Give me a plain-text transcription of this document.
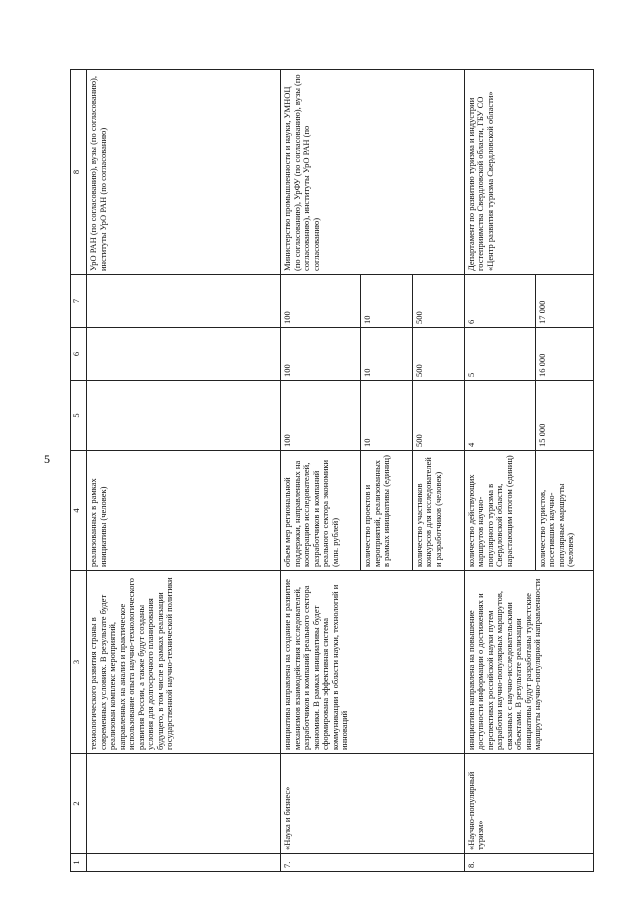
5
1	2	3	4	5	6	7	8
		технологического развития страны в современных условиях. В результате будет реализован комплекс мероприятий, направленных на анализ и практическое использование опыта научно-технологического развития России, а также будут созданы условия для долгосрочного планирования будущего, в том числе в рамках реализации государственной научно-технической политики	реализованных в рамках инициативы (человек)				УрО РАН (по согласованию), вузы (по согласованию), институты УрО РАН (по согласованию)
7.	«Наука и бизнес»	инициатива направлена на создание и развитие механизмов взаимодействия исследователей, разработчиков и компаний реального сектора экономики. В рамках инициативы будет сформирована эффективная система коммуникации в области науки, технологий и инноваций	объем мер региональной поддержки, направленных на кооперацию исследователей, разработчиков и компаний реального сектора экономики (млн. рублей)	100	100	100	Министерство промышленности и науки, УМНОЦ (по согласованию), УрФУ (по согласованию), вузы (по согласованию), институты УрО РАН (по согласованию)
			количество проектов и мероприятий, реализованных в рамках инициативы (единиц)	10	10	10	
			количество участников конкурсов для исследователей и разработчиков (человек)	500	500	500	
8.	«Научно-популярный туризм»	инициатива направлена на повышение доступности информации о достижениях и перспективах российской науки путем разработки научно-популярных маршрутов, связанных с научно-исследовательскими объектами. В результате реализации инициативы будут разработаны туристские маршруты научно-популярной направленности	количество действующих маршрутов научно-популярного туризма в Свердловской области, нарастающим итогом (единиц)	4	5	6	Департамент по развитию туризма и индустрии гостеприимства Свердловской области, ГБУ СО «Центр развития туризма Свердловской области»
			количество туристов, посетивших научно-популярные маршруты (человек)	15 000	16 000	17 000	
